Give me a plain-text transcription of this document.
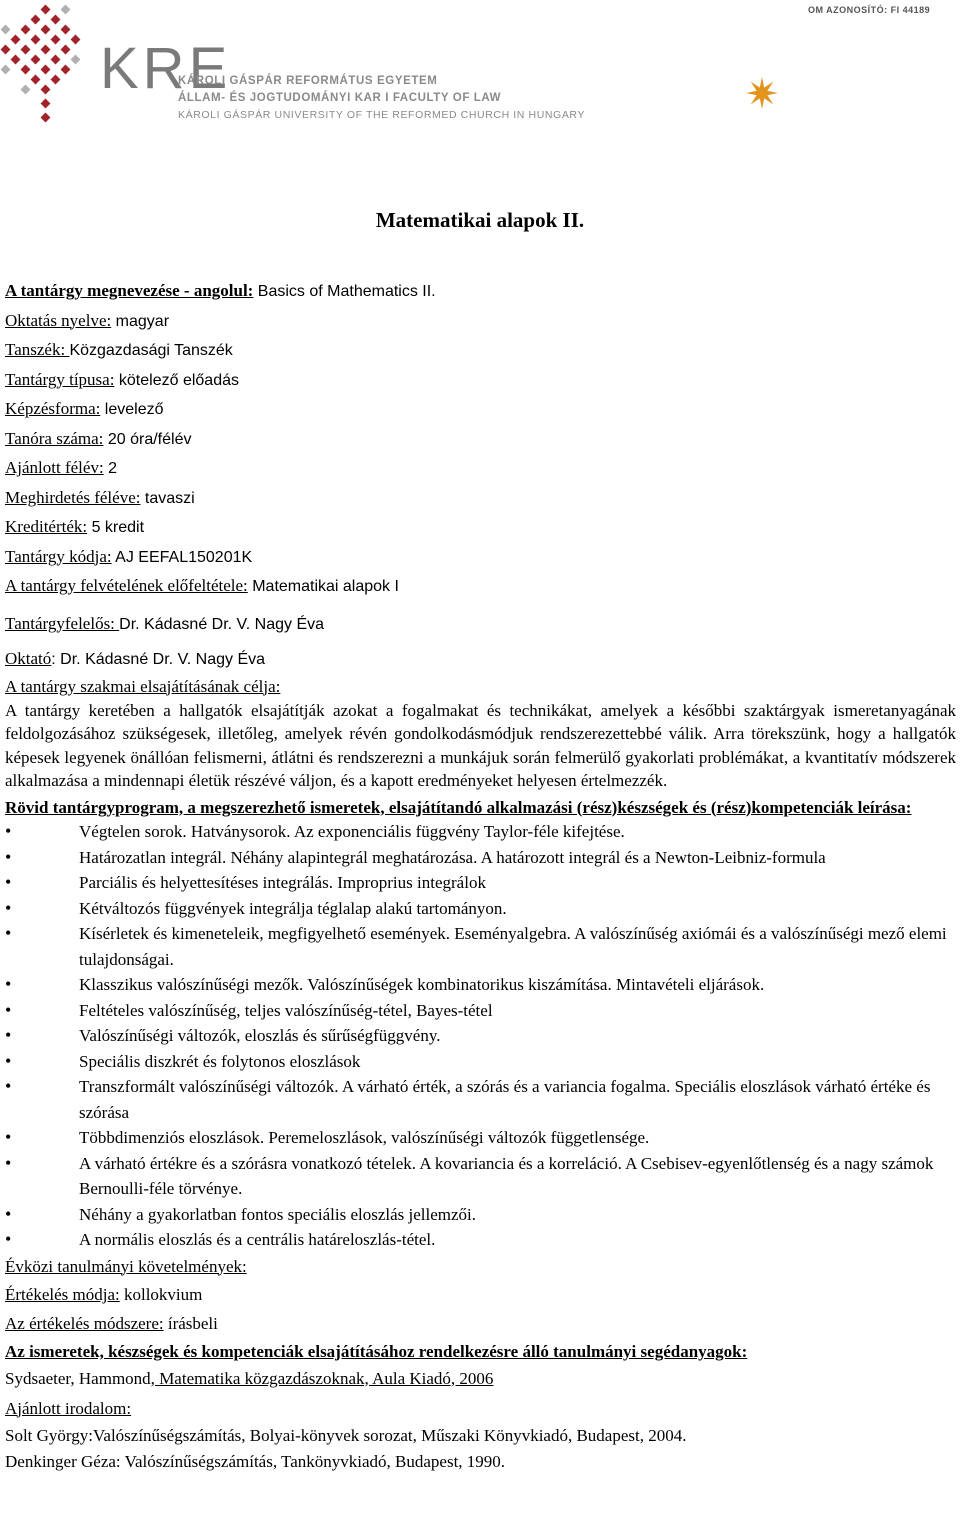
KRE
OM AZONOSÍTÓ: FI 44189
KÁROLI GÁSPÁR REFORMÁTUS EGYETEM
ÁLLAM- ÉS JOGTUDOMÁNYI KAR I FACULTY OF LAW
KÁROLI GÁSPÁR UNIVERSITY OF THE REFORMED CHURCH IN HUNGARY
Matematikai alapok II.

A tantárgy megnevezése - angolul: Basics of Mathematics II.

Oktatás nyelve: magyar

Tanszék: Közgazdasági Tanszék

Tantárgy típusa: kötelező előadás

Képzésforma: levelező

Tanóra száma: 20 óra/félév

Ajánlott félév: 2

Meghirdetés féléve: tavaszi

Kreditérték: 5 kredit

Tantárgy kódja: AJ EEFAL150201K

A tantárgy felvételének előfeltétele: Matematikai alapok I

Tantárgyfelelős: Dr. Kádasné Dr. V. Nagy Éva

Oktató: Dr. Kádasné Dr. V. Nagy Éva

A tantárgy szakmai elsajátításának célja:

A tantárgy keretében a hallgatók elsajátítják azokat a fogalmakat és technikákat, amelyek a későbbi szaktárgyak ismeretanyagának feldolgozásához szükségesek, illetőleg, amelyek révén gondolkodásmódjuk rendszerezettebbé válik. Arra törekszünk, hogy a hallgatók képesek legyenek önállóan felismerni, átlátni és rendszerezni a munkájuk során felmerülő gyakorlati problémákat, a kvantitatív módszerek alkalmazása a mindennapi életük részévé váljon, és a kapott eredményeket helyesen értelmezzék.

Rövid tantárgyprogram, a megszerezhető ismeretek, elsajátítandó alkalmazási (rész)készségek és (rész)kompetenciák leírása:

•Végtelen sorok. Hatványsorok. Az exponenciális függvény Taylor-féle kifejtése.
•Határozatlan integrál. Néhány alapintegrál meghatározása. A határozott integrál és a Newton-Leibniz-formula
•Parciális és helyettesítéses integrálás. Improprius integrálok
•Kétváltozós függvények integrálja téglalap alakú tartományon.
•Kísérletek és kimeneteleik, megfigyelhető események. Eseményalgebra. A valószínűség axiómái és a valószínűségi mező elemi tulajdonságai.
•Klasszikus valószínűségi mezők. Valószínűségek kombinatorikus kiszámítása. Mintavételi eljárások.
•Feltételes valószínűség, teljes valószínűség-tétel, Bayes-tétel
•Valószínűségi változók, eloszlás és sűrűségfüggvény.
•Speciális diszkrét és folytonos eloszlások
•Transzformált valószínűségi változók. A várható érték, a szórás és a variancia fogalma. Speciális eloszlások várható értéke és szórása
•Többdimenziós eloszlások. Peremeloszlások, valószínűségi változók függetlensége.
•A várható értékre és a szórásra vonatkozó tételek. A kovariancia és a korreláció. A Csebisev-egyenlőtlenség és a nagy számok Bernoulli-féle törvénye.
•Néhány a gyakorlatban fontos speciális eloszlás jellemzői.
•A normális eloszlás és a centrális határeloszlás-tétel.

Évközi tanulmányi követelmények:

Értékelés módja: kollokvium

Az értékelés módszere: írásbeli

Az ismeretek, készségek és kompetenciák elsajátításához rendelkezésre álló tanulmányi segédanyagok:

Sydsaeter, Hammond, Matematika közgazdászoknak, Aula Kiadó, 2006

Ajánlott irodalom:

Solt György:Valószínűségszámítás, Bolyai-könyvek sorozat, Műszaki Könyvkiadó, Budapest, 2004.

Denkinger Géza: Valószínűségszámítás, Tankönyvkiadó, Budapest, 1990.
